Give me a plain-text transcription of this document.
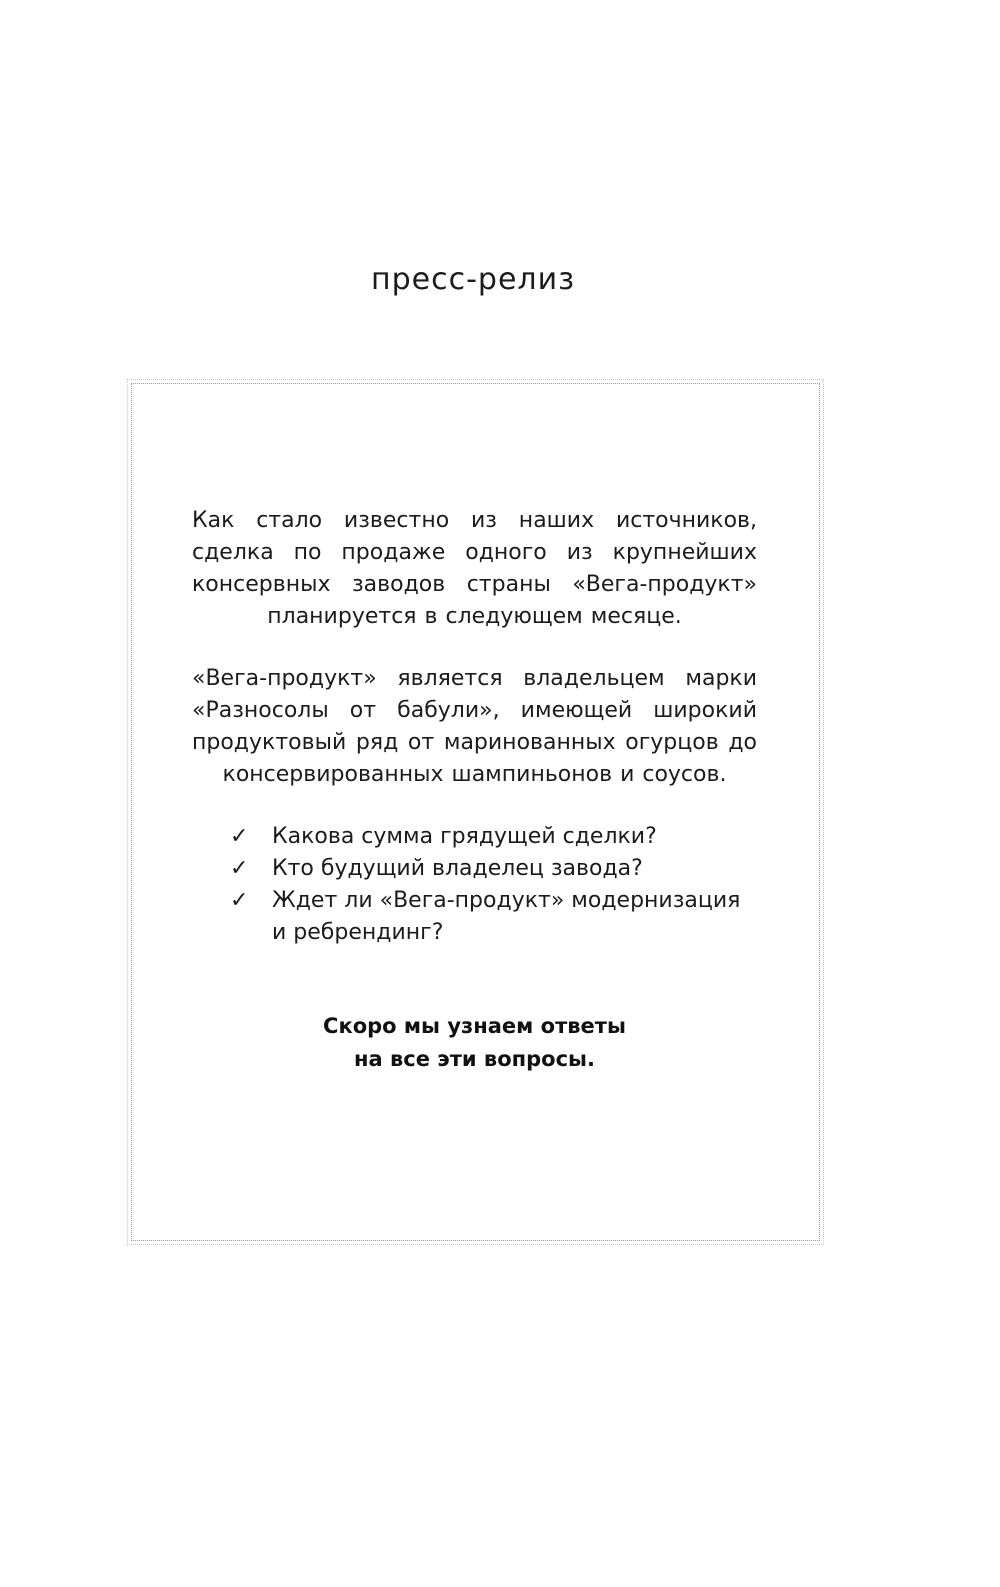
пресс-релиз

Как стало известно из наших источников, сделка по продаже одного из крупнейших консервных заводов страны «Вега-продукт» планируется в следующем месяце.

«Вега-продукт» является владельцем марки «Разносолы от бабули», имеющей широкий продуктовый ряд от маринованных огурцов до консервированных шампиньонов и соусов.

✓ Какова сумма грядущей сделки?
✓ Кто будущий владелец завода?
✓ Ждет ли «Вега-продукт» модернизация и ребрендинг?
Скоро мы узнаем ответы
на все эти вопросы.
